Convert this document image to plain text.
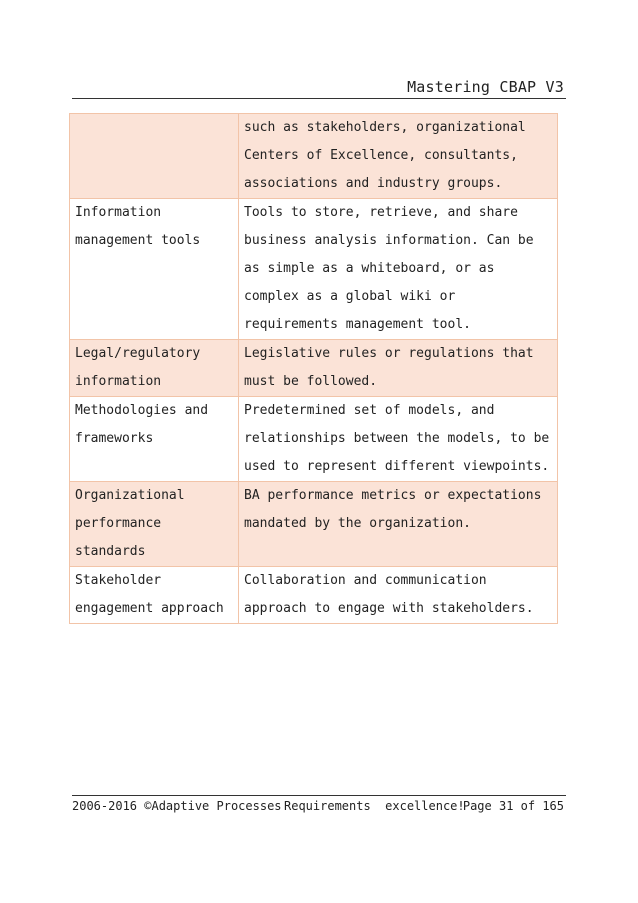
Mastering CBAP V3
	such as stakeholders, organizational Centers of Excellence, consultants, associations and industry groups.
Information management tools	Tools to store, retrieve, and share business analysis information. Can be as simple as a whiteboard, or as complex as a global wiki or requirements management tool.
Legal/regulatory information	Legislative rules or regulations that must be followed.
Methodologies and frameworks	Predetermined set of models, and relationships between the models, to be used to represent different viewpoints.
Organizational performance standards	BA performance metrics or expectations mandated by the organization.
Stakeholder engagement approach	Collaboration and communication approach to engage with stakeholders.
2006-2016 ©Adaptive Processes Requirements  excellence!
Page 31 of 165
